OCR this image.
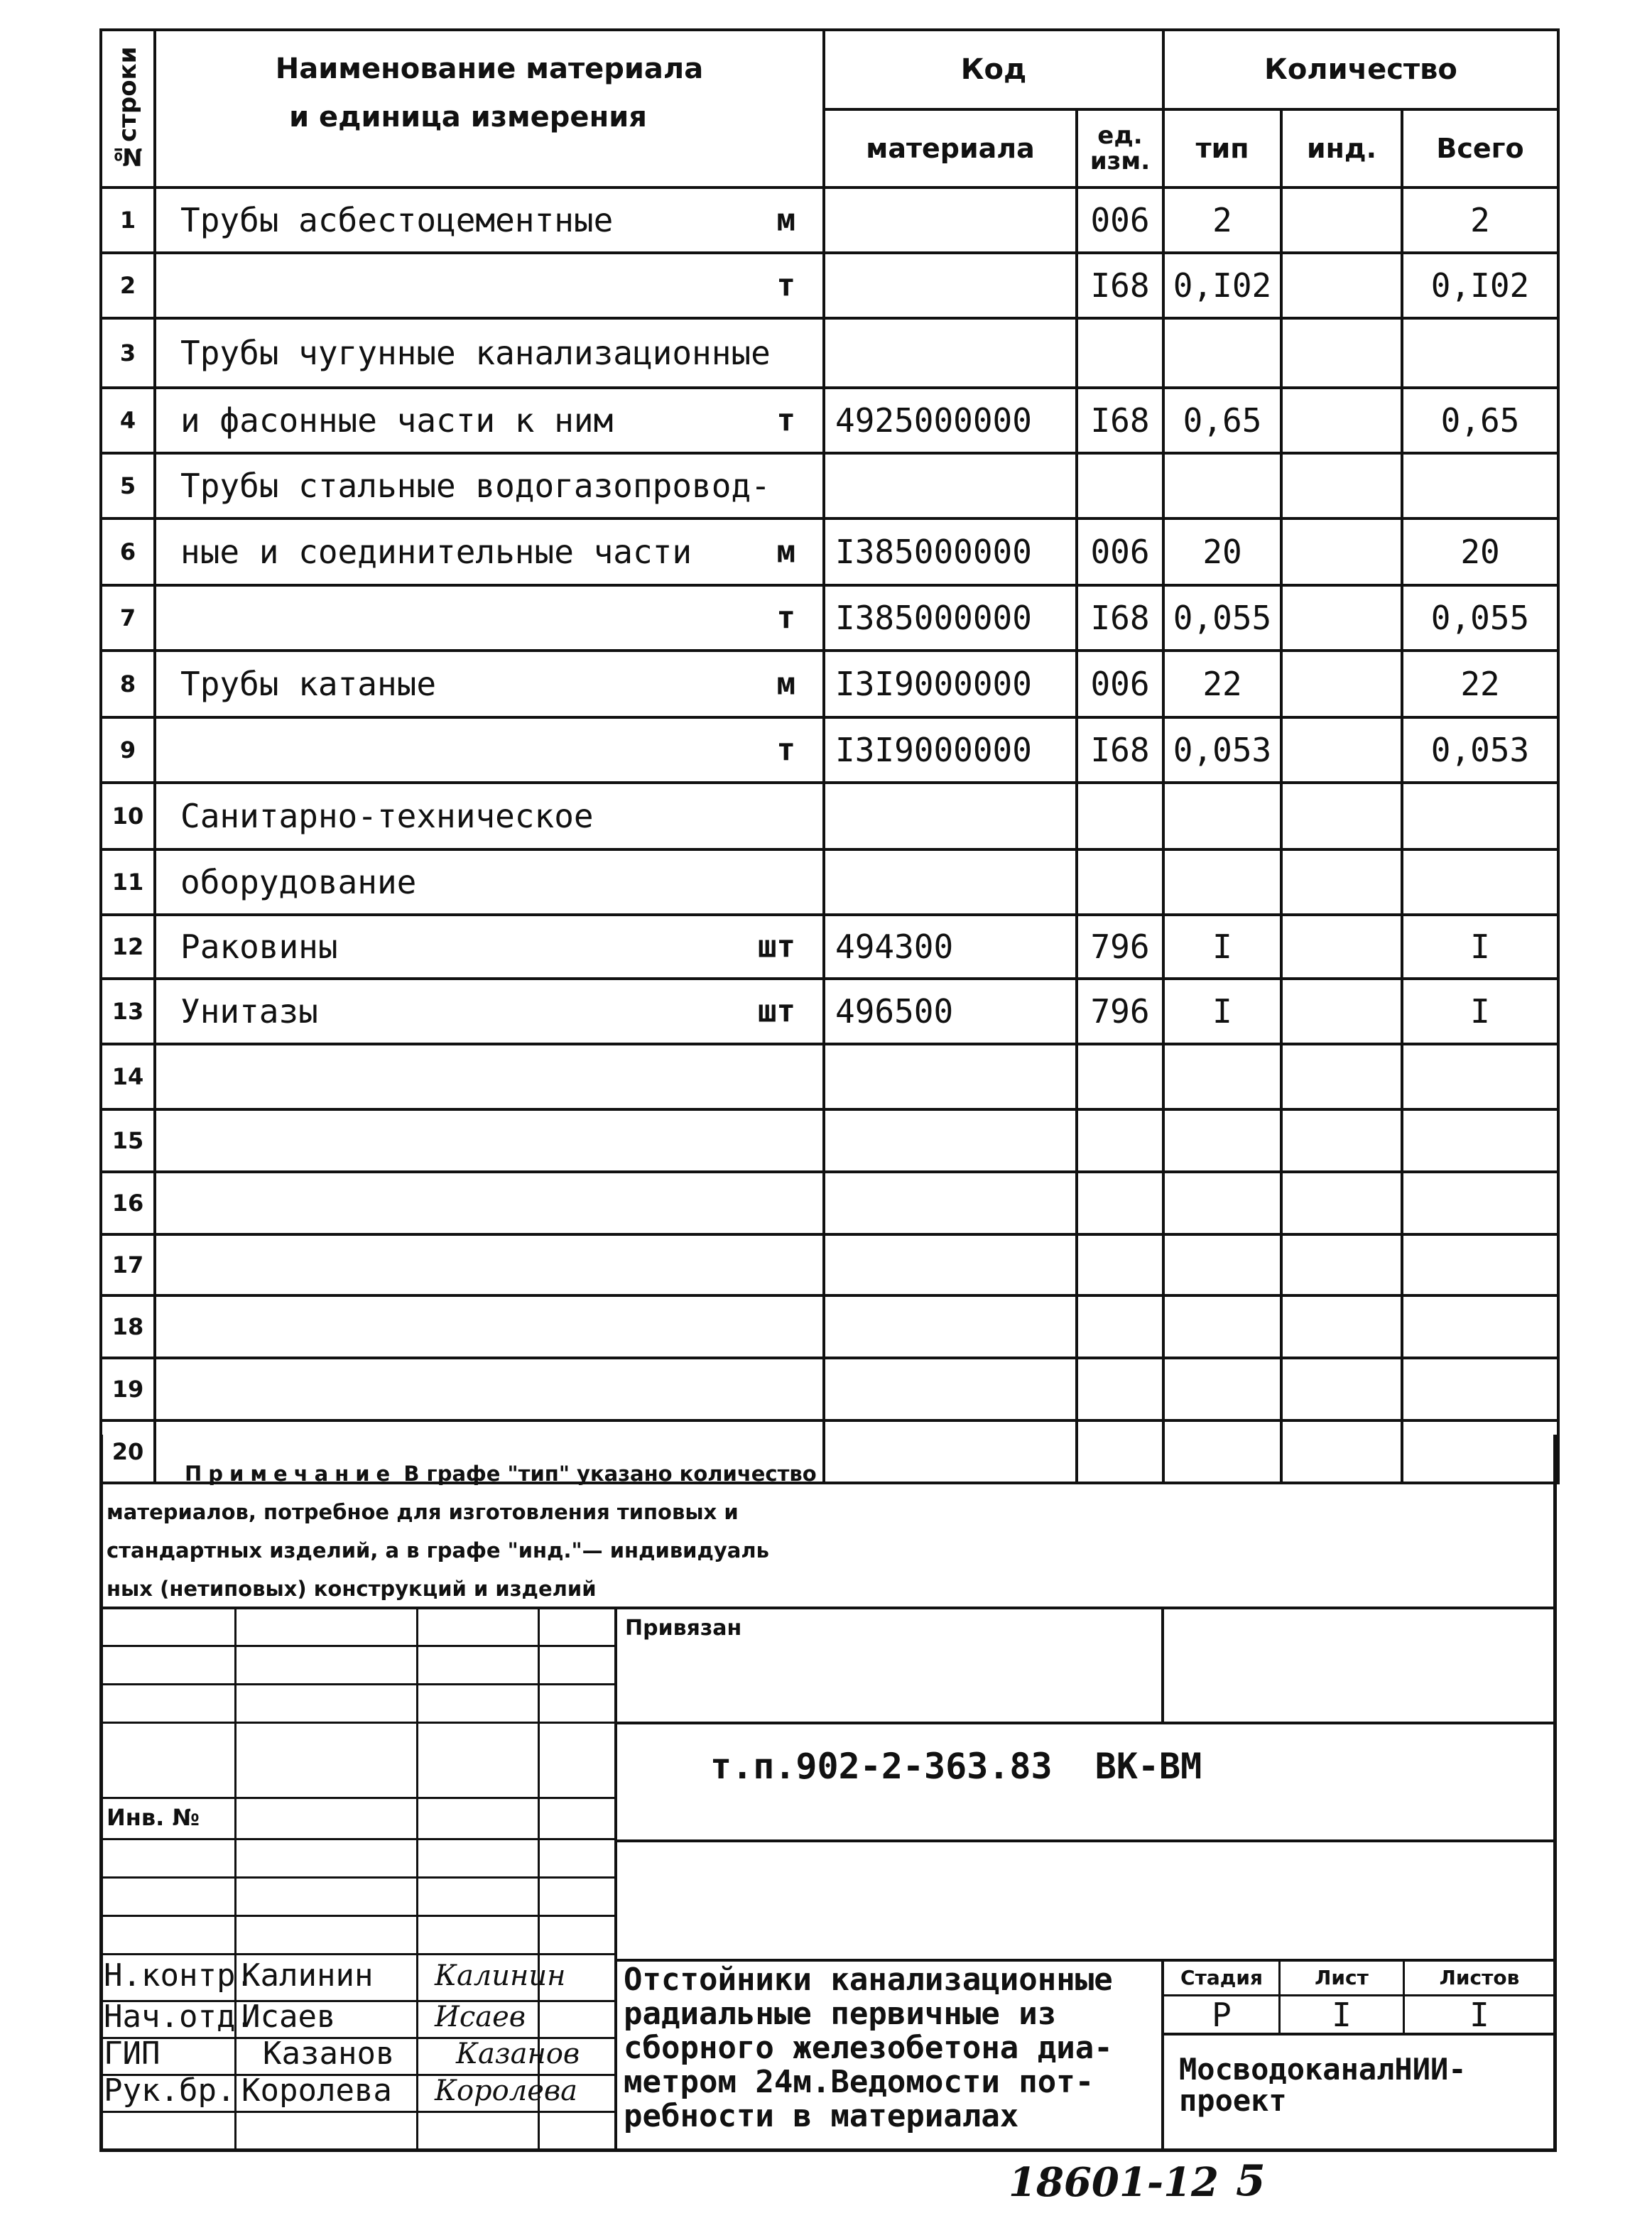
№строки	Наименование материала
и единица измерения	Код		Количество		
		материала	ед. изм.	тип	инд.	Всего
1	Трубы асбестоцементные м		006	2		2
2	т		I68	0,I02		0,I02
3	Трубы чугунные канализационные

4	и фасонные части к ним т	4925000000	I68	0,65		0,65
5	Трубы стальные водогазопровод-

6	ные и соединительные части м	I385000000	006	20		20
7	т	I385000000	I68	0,055		0,055
8	Трубы катаные м	I3I9000000	006	22		22
9	т	I3I9000000	I68	0,053		0,053
10	Санитарно-техническое

11	оборудование

12	Раковины шт	494300	796	I		I
13	Унитазы шт	496500	796	I		I
14	

15	

16	

17	

18	

19	

20	

Примечание В графе "тип" указано количество
материалов, потребное для изготовления типовых и
стандартных изделий, а в графе "инд."— индивидуаль
ных (нетиповых) конструкций и изделий
Привязан
Инв. №
т.п.902-2-363.83 ВК-ВМ
Н.контр.
Калинин	Калинин
Нач.отд.
Исаев	Исаев
ГИП	Казанов	Казанов
Рук.бр. Королева	Королева
Отстойники канализационные
радиальные первичные из
сборного железобетона диа-
метром 24м.Ведомости пот-
ребности в материалах
Стадия	Лист	Листов
Р	I	I
МосводоканалНИИ-
проект
18601-12 5
